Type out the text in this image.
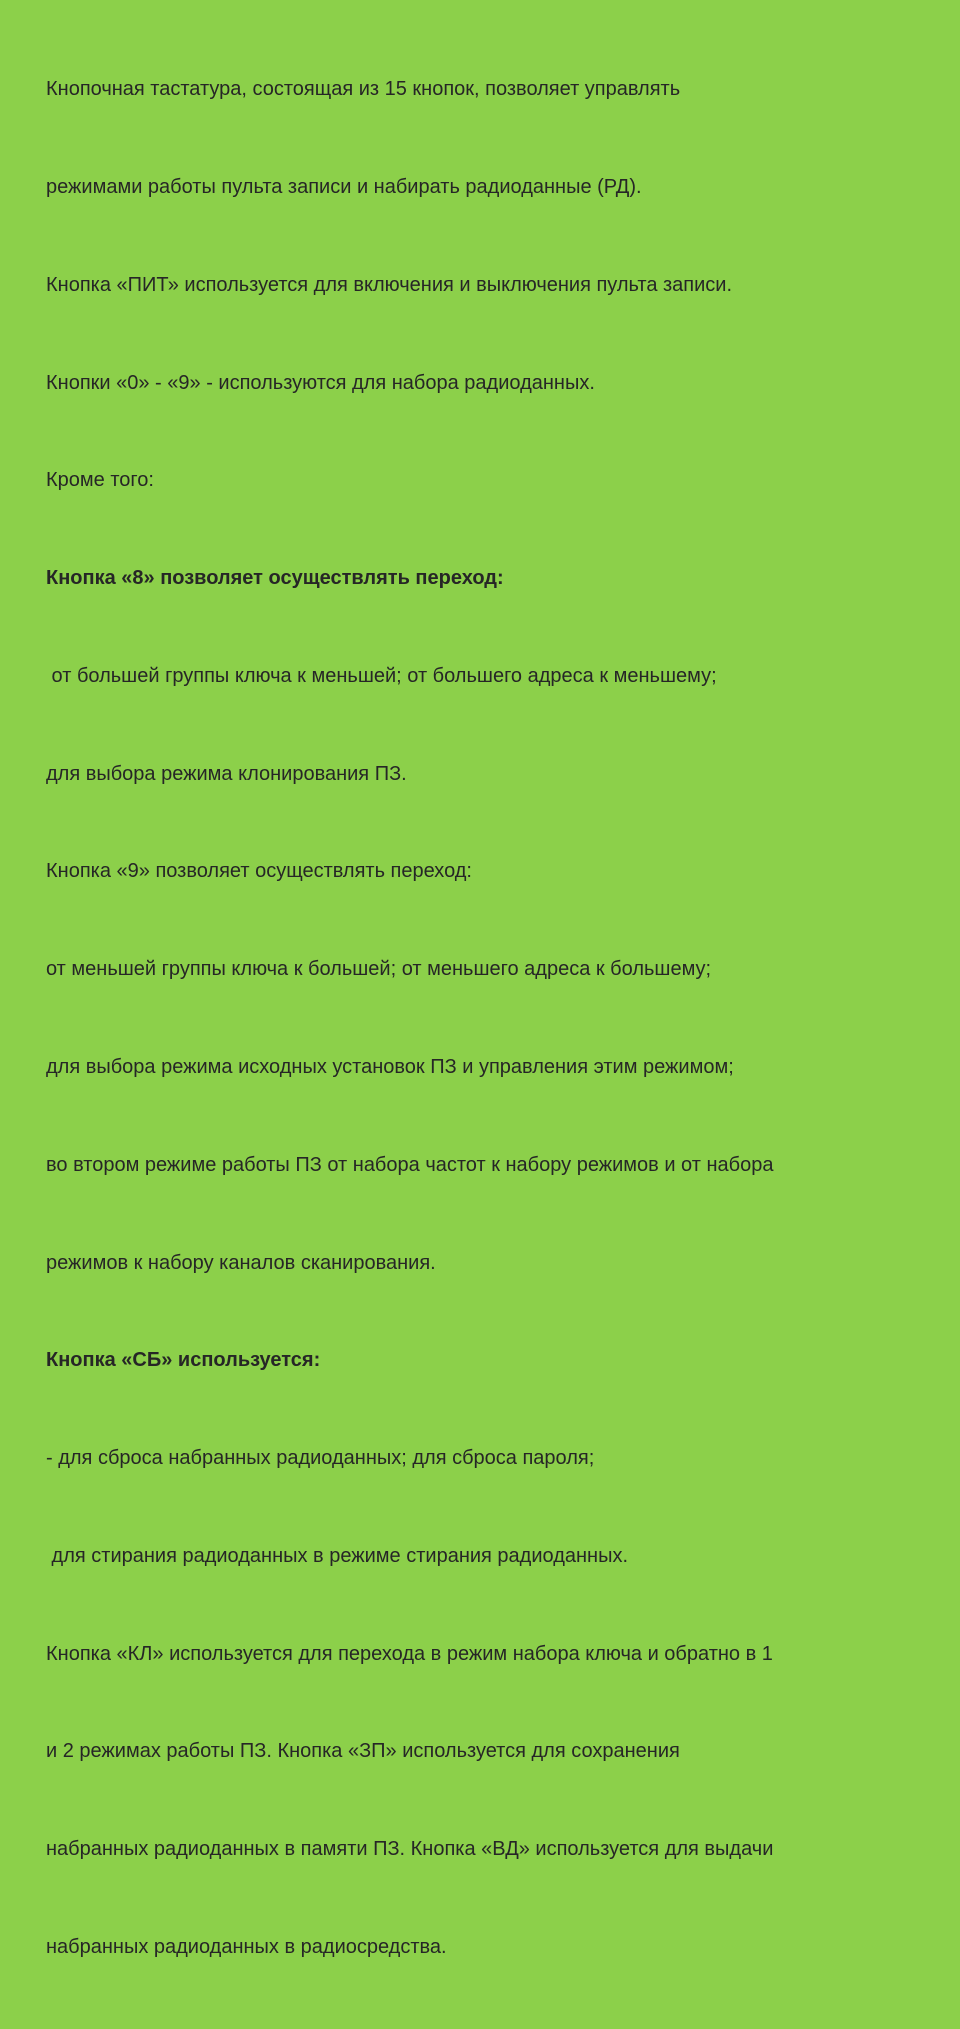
Кнопочная тастатура, состоящая из 15 кнопок, позволяет управлять

режимами работы пульта записи и набирать радиоданные (РД).

Кнопка «ПИТ» используется для включения и выключения пульта записи.

Кнопки «0» - «9» - используются для набора радиоданных.

Кроме того:

Кнопка «8» позволяет осуществлять переход:

от большей группы ключа к меньшей; от большего адреса к меньшему;

для выбора режима клонирования ПЗ.

Кнопка «9» позволяет осуществлять переход:

от меньшей группы ключа к большей; от меньшего адреса к большему;

для выбора режима исходных установок ПЗ и управления этим режимом;

во втором режиме работы ПЗ от набора частот к набору режимов и от набора

режимов к набору каналов сканирования.

Кнопка «СБ» используется:

- для сброса набранных радиоданных; для сброса пароля;

для стирания радиоданных в режиме стирания радиоданных.

Кнопка «КЛ» используется для перехода в режим набора ключа и обратно в 1

и 2 режимах работы ПЗ. Кнопка «ЗП» используется для сохранения

набранных радиоданных в памяти ПЗ. Кнопка «ВД» используется для выдачи

набранных радиоданных в радиосредства.
